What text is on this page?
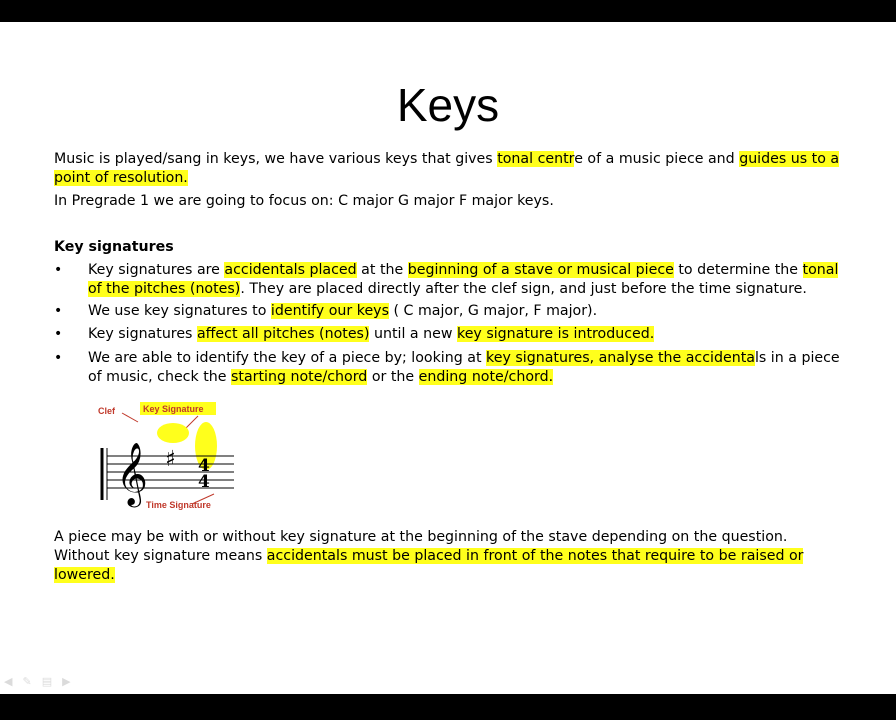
Keys
Music is played/sang in keys, we have various keys that gives tonal centre of a music piece and guides us to a
point of resolution.
In Pregrade 1 we are going to focus on: C major G major F major keys.
Key signatures
• Key signatures are accidentals placed at the beginning of a stave or musical piece to determine the tonal
of the pitches (notes). They are placed directly after the clef sign, and just before the time signature.
• We use key signatures to identify our keys ( C major, G major, F major).
• Key signatures affect all pitches (notes) until a new key signature is introduced.
• We are able to identify the key of a piece by; looking at key signatures, analyse the accidentals in a piece
of music, check the starting note/chord or the ending note/chord.
Clef	Key Signature
𝄞 ♯ 4
4
Time Signature
A piece may be with or without key signature at the beginning of the stave depending on the question.
Without key signature means accidentals must be placed in front of the notes that require to be raised or
lowered.
◀ ✎ ▤ ▶
